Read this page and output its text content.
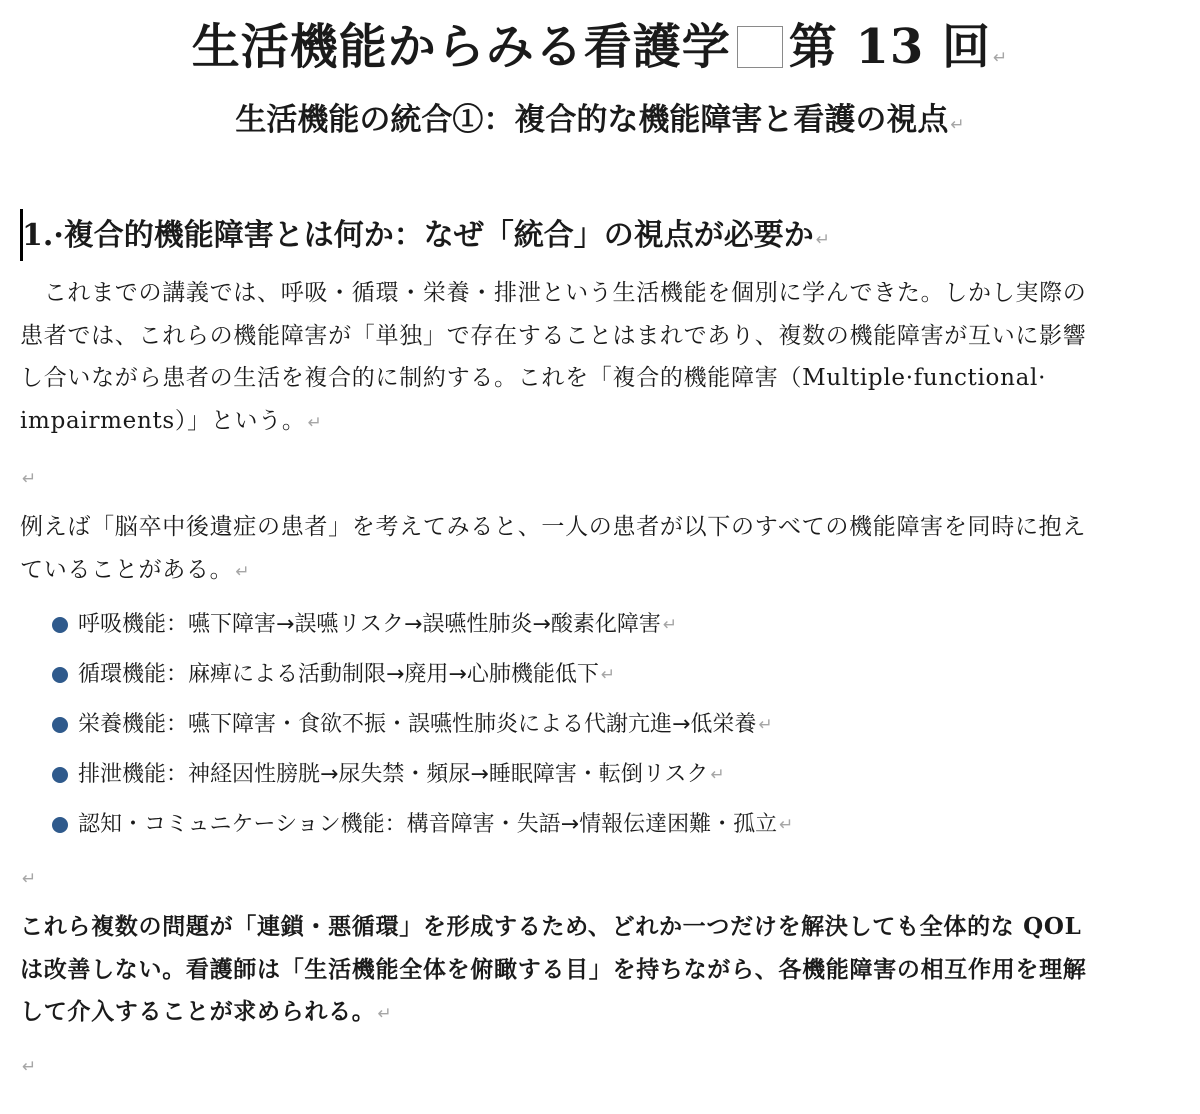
生活機能からみる看護学 第 13 回 ↵
生活機能の統合①：複合的な機能障害と看護の視点 ↵
1.·複合的機能障害とは何か：なぜ「統合」の視点が必要か ↵
　これまでの講義では、呼吸・循環・栄養・排泄という生活機能を個別に学んできた。しかし実際の
患者では、これらの機能障害が「単独」で存在することはまれであり、複数の機能障害が互いに影響
し合いながら患者の生活を複合的に制約する。これを「複合的機能障害（Multiple·functional·
impairments）」という。 ↵
↵
例えば「脳卒中後遺症の患者」を考えてみると、一人の患者が以下のすべての機能障害を同時に抱え
ていることがある。 ↵
呼吸機能：嚥下障害→誤嚥リスク→誤嚥性肺炎→酸素化障害 ↵
循環機能：麻痺による活動制限→廃用→心肺機能低下 ↵
栄養機能：嚥下障害・食欲不振・誤嚥性肺炎による代謝亢進→低栄養 ↵
排泄機能：神経因性膀胱→尿失禁・頻尿→睡眠障害・転倒リスク ↵
認知・コミュニケーション機能：構音障害・失語→情報伝達困難・孤立 ↵
↵
これら複数の問題が「連鎖・悪循環」を形成するため、どれか一つだけを解決しても全体的な QOL
は改善しない。看護師は「生活機能全体を俯瞰する目」を持ちながら、各機能障害の相互作用を理解
して介入することが求められる。 ↵
↵
